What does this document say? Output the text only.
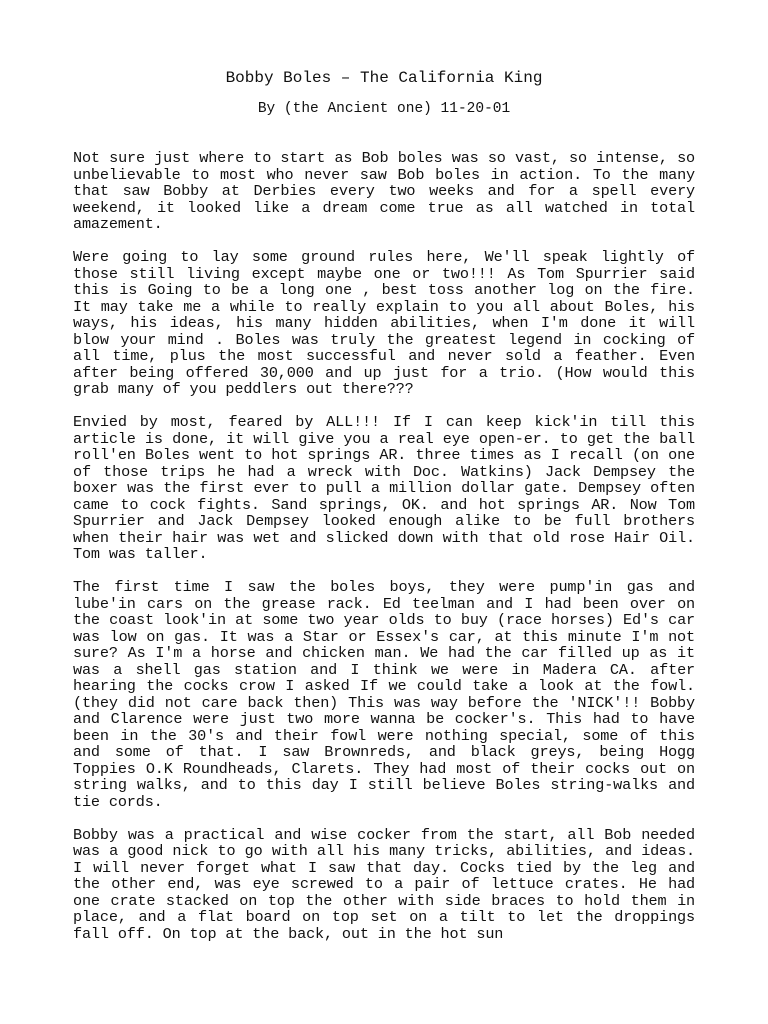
Bobby Boles – The California King
By (the Ancient one) 11-20-01

Not sure just where to start as Bob boles was so vast, so intense, so unbelievable to most who never saw Bob boles in action. To the many that saw Bobby at Derbies every two weeks and for a spell every weekend, it looked like a dream come true as all watched in total amazement.

Were going to lay some ground rules here, We'll speak lightly of those still living except maybe one or two!!! As Tom Spurrier said this is Going to be a long one , best toss another log on the fire. It may take me a while to really explain to you all about Boles, his ways, his ideas, his many hidden abilities, when I'm done it will blow your mind . Boles was truly the greatest legend in cocking of all time, plus the most successful and never sold a feather. Even after being offered 30,000 and up just for a trio. (How would this grab many of you peddlers out there???

Envied by most, feared by ALL!!! If I can keep kick'in till this article is done, it will give you a real eye open-er. to get the ball roll'en Boles went to hot springs AR. three times as I recall (on one of those trips he had a wreck with Doc. Watkins) Jack Dempsey the boxer was the first ever to pull a million dollar gate. Dempsey often came to cock fights. Sand springs, OK. and hot springs AR. Now Tom Spurrier and Jack Dempsey looked enough alike to be full brothers when their hair was wet and slicked down with that old rose Hair Oil. Tom was taller.

The first time I saw the boles boys, they were pump'in gas and lube'in cars on the grease rack. Ed teelman and I had been over on the coast look'in at some two year olds to buy (race horses) Ed's car was low on gas. It was a Star or Essex's car, at this minute I'm not sure? As I'm a horse and chicken man. We had the car filled up as it was a shell gas station and I think we were in Madera CA. after hearing the cocks crow I asked If we could take a look at the fowl. (they did not care back then) This was way before the 'NICK'!! Bobby and Clarence were just two more wanna be cocker's. This had to have been in the 30's and their fowl were nothing special, some of this and some of that. I saw Brownreds, and black greys, being Hogg Toppies O.K Roundheads, Clarets. They had most of their cocks out on string walks, and to this day I still believe Boles string-walks and tie cords.

Bobby was a practical and wise cocker from the start, all Bob needed was a good nick to go with all his many tricks, abilities, and ideas. I will never forget what I saw that day. Cocks tied by the leg and the other end, was eye screwed to a pair of lettuce crates. He had one crate stacked on top the other with side braces to hold them in place, and a flat board on top set on a tilt to let the droppings fall off. On top at the back, out in the hot sun
